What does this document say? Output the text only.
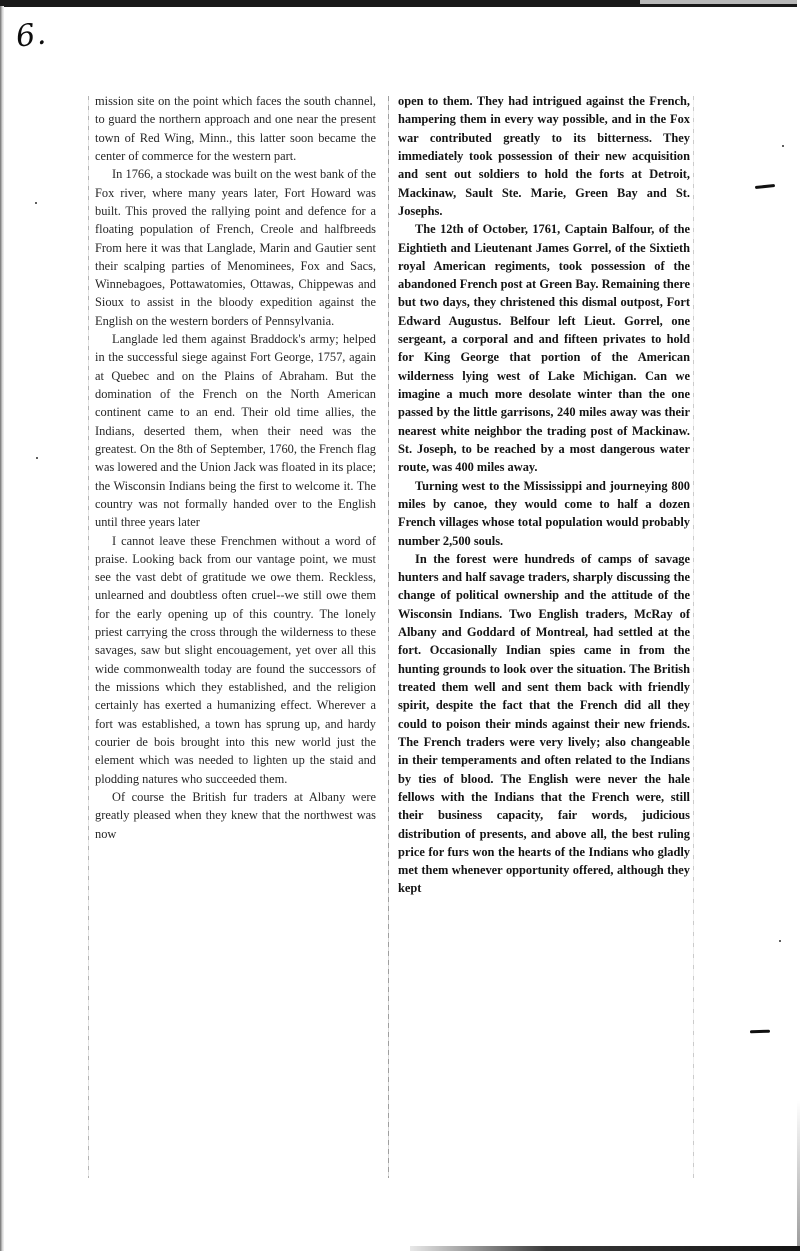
6.

mission site on the point which faces the south channel, to guard the northern approach and one near the present town of Red Wing, Minn., this latter soon became the center of commerce for the western part.

In 1766, a stockade was built on the west bank of the Fox river, where many years later, Fort Howard was built. This proved the rallying point and defence for a floating population of French, Creole and halfbreeds From here it was that Langlade, Marin and Gautier sent their scalping parties of Menominees, Fox and Sacs, Winnebagoes, Pottawatomies, Ottawas, Chippewas and Sioux to assist in the bloody expedition against the English on the western borders of Pennsylvania.

Langlade led them against Braddock's army; helped in the successful siege against Fort George, 1757, again at Quebec and on the Plains of Abraham. But the domination of the French on the North American continent came to an end. Their old time allies, the Indians, deserted them, when their need was the greatest. On the 8th of September, 1760, the French flag was lowered and the Union Jack was floated in its place; the Wisconsin Indians being the first to welcome it. The country was not formally handed over to the English until three years later

I cannot leave these Frenchmen without a word of praise. Looking back from our vantage point, we must see the vast debt of gratitude we owe them. Reckless, unlearned and doubtless often cruel--we still owe them for the early opening up of this country. The lonely priest carrying the cross through the wilderness to these savages, saw but slight encouagement, yet over all this wide commonwealth today are found the successors of the missions which they established, and the religion certainly has exerted a humanizing effect. Wherever a fort was established, a town has sprung up, and hardy courier de bois brought into this new world just the element which was needed to lighten up the staid and plodding natures who succeeded them.

Of course the British fur traders at Albany were greatly pleased when they knew that the northwest was now

open to them. They had intrigued against the French, hampering them in every way possible, and in the Fox war contributed greatly to its bitterness. They immediately took possession of their new acquisition and sent out soldiers to hold the forts at Detroit, Mackinaw, Sault Ste. Marie, Green Bay and St. Josephs.

The 12th of October, 1761, Captain Balfour, of the Eightieth and Lieutenant James Gorrel, of the Sixtieth royal American regiments, took possession of the abandoned French post at Green Bay. Remaining there but two days, they christened this dismal outpost, Fort Edward Augustus. Belfour left Lieut. Gorrel, one sergeant, a corporal and and fifteen privates to hold for King George that portion of the American wilderness lying west of Lake Michigan. Can we imagine a much more desolate winter than the one passed by the little garrisons, 240 miles away was their nearest white neighbor the trading post of Mackinaw. St. Joseph, to be reached by a most dangerous water route, was 400 miles away.

Turning west to the Mississippi and journeying 800 miles by canoe, they would come to half a dozen French villages whose total population would probably number 2,500 souls.

In the forest were hundreds of camps of savage hunters and half savage traders, sharply discussing the change of political ownership and the attitude of the Wisconsin Indians. Two English traders, McRay of Albany and Goddard of Montreal, had settled at the fort. Occasionally Indian spies came in from the hunting grounds to look over the situation. The British treated them well and sent them back with friendly spirit, despite the fact that the French did all they could to poison their minds against their new friends. The French traders were very lively; also changeable in their temperaments and often related to the Indians by ties of blood. The English were never the hale fellows with the Indians that the French were, still their business capacity, fair words, judicious distribution of presents, and above all, the best ruling price for furs won the hearts of the Indians who gladly met them whenever opportunity offered, although they kept
